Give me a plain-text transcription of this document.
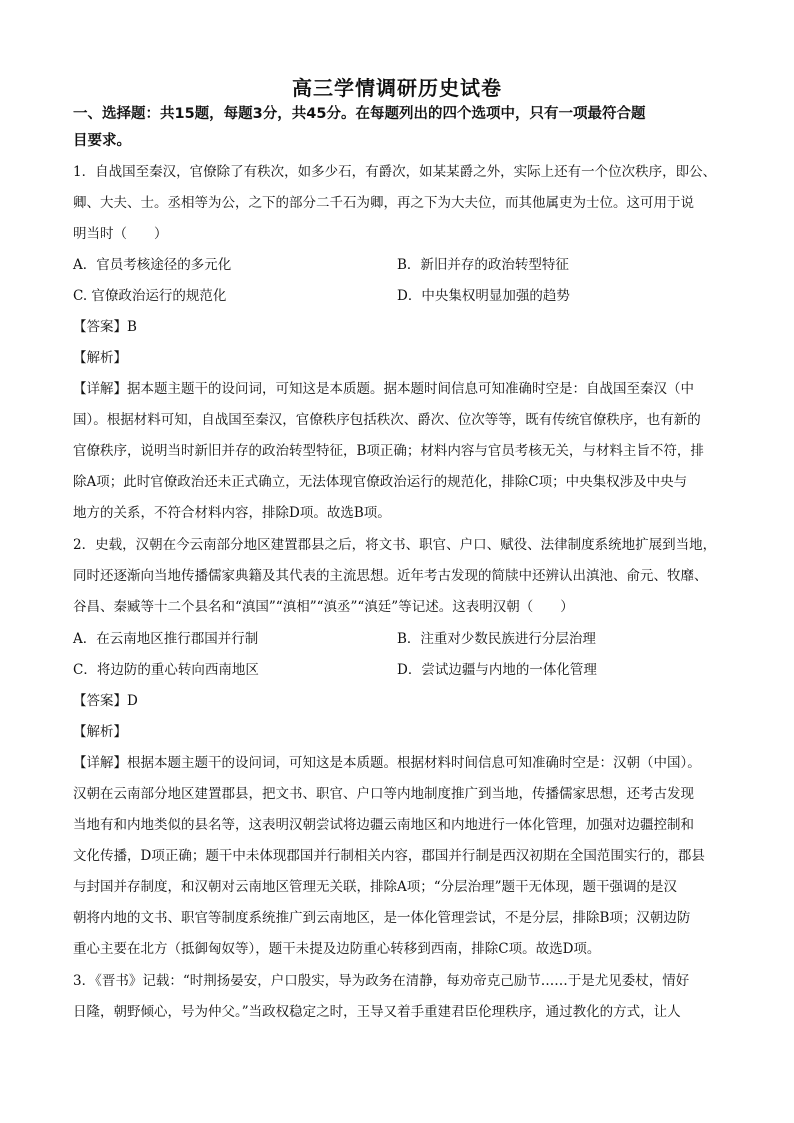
高三学情调研历史试卷
一、选择题：共15题，每题3分，共45分。在每题列出的四个选项中，只有一项最符合题
目要求。
1．自战国至秦汉，官僚除了有秩次，如多少石，有爵次，如某某爵之外，实际上还有一个位次秩序，即公、
卿、大夫、士。丞相等为公，之下的部分二千石为卿，再之下为大夫位，而其他属吏为士位。这可用于说
明当时（　　）
A．官员考核途径的多元化	B．新旧并存的政治转型特征
C. 官僚政治运行的规范化	D．中央集权明显加强的趋势
【答案】B
【解析】
【详解】据本题主题干的设问词，可知这是本质题。据本题时间信息可知准确时空是：自战国至秦汉（中
国）。根据材料可知，自战国至秦汉，官僚秩序包括秩次、爵次、位次等等，既有传统官僚秩序，也有新的
官僚秩序，说明当时新旧并存的政治转型特征，B项正确；材料内容与官员考核无关，与材料主旨不符，排
除A项；此时官僚政治还未正式确立，无法体现官僚政治运行的规范化，排除C项；中央集权涉及中央与
地方的关系，不符合材料内容，排除D项。故选B项。
2．史载，汉朝在今云南部分地区建置郡县之后，将文书、职官、户口、赋役、法律制度系统地扩展到当地，
同时还逐渐向当地传播儒家典籍及其代表的主流思想。近年考古发现的简牍中还辨认出滇池、俞元、牧靡、
谷昌、秦臧等十二个县名和“滇国”“滇相”“滇丞”“滇廷”等记述。这表明汉朝（　　）
A．在云南地区推行郡国并行制	B．注重对少数民族进行分层治理
C．将边防的重心转向西南地区	D．尝试边疆与内地的一体化管理
【答案】D
【解析】
【详解】根据本题主题干的设问词，可知这是本质题。根据材料时间信息可知准确时空是：汉朝（中国）。
汉朝在云南部分地区建置郡县，把文书、职官、户口等内地制度推广到当地，传播儒家思想，还考古发现
当地有和内地类似的县名等，这表明汉朝尝试将边疆云南地区和内地进行一体化管理，加强对边疆控制和
文化传播，D项正确；题干中未体现郡国并行制相关内容，郡国并行制是西汉初期在全国范围实行的，郡县
与封国并存制度，和汉朝对云南地区管理无关联，排除A项；“分层治理”题干无体现，题干强调的是汉
朝将内地的文书、职官等制度系统推广到云南地区，是一体化管理尝试，不是分层，排除B项；汉朝边防
重心主要在北方（抵御匈奴等），题干未提及边防重心转移到西南，排除C项。故选D项。
3．《晋书》记载：“时荆扬晏安，户口殷实，导为政务在清静，每劝帝克己励节……于是尤见委杖，情好
日隆，朝野倾心，号为仲父。”当政权稳定之时，王导又着手重建君臣伦理秩序，通过教化的方式，让人
